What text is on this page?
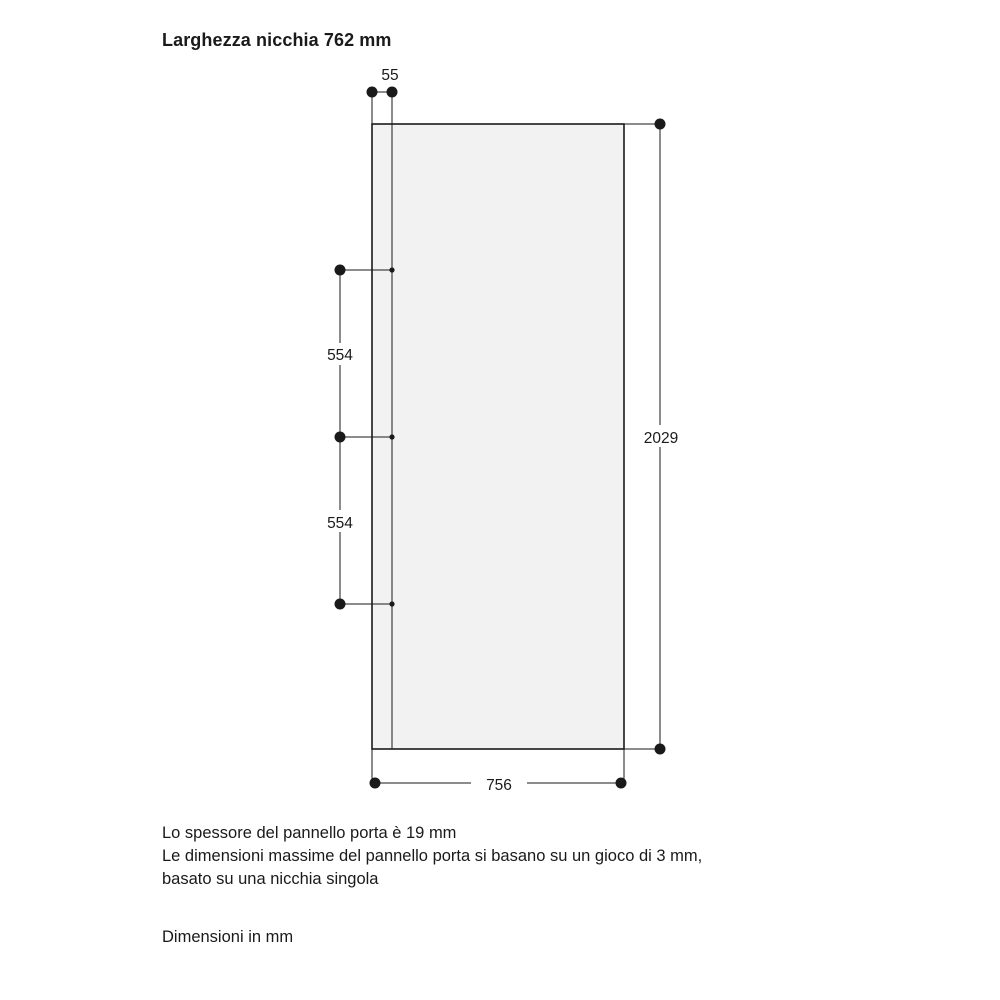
Larghezza nicchia 762 mm
55
554
554
2029
756
Lo spessore del pannello porta è 19 mm
Le dimensioni massime del pannello porta si basano su un gioco di 3 mm,
basato su una nicchia singola
Dimensioni in mm
